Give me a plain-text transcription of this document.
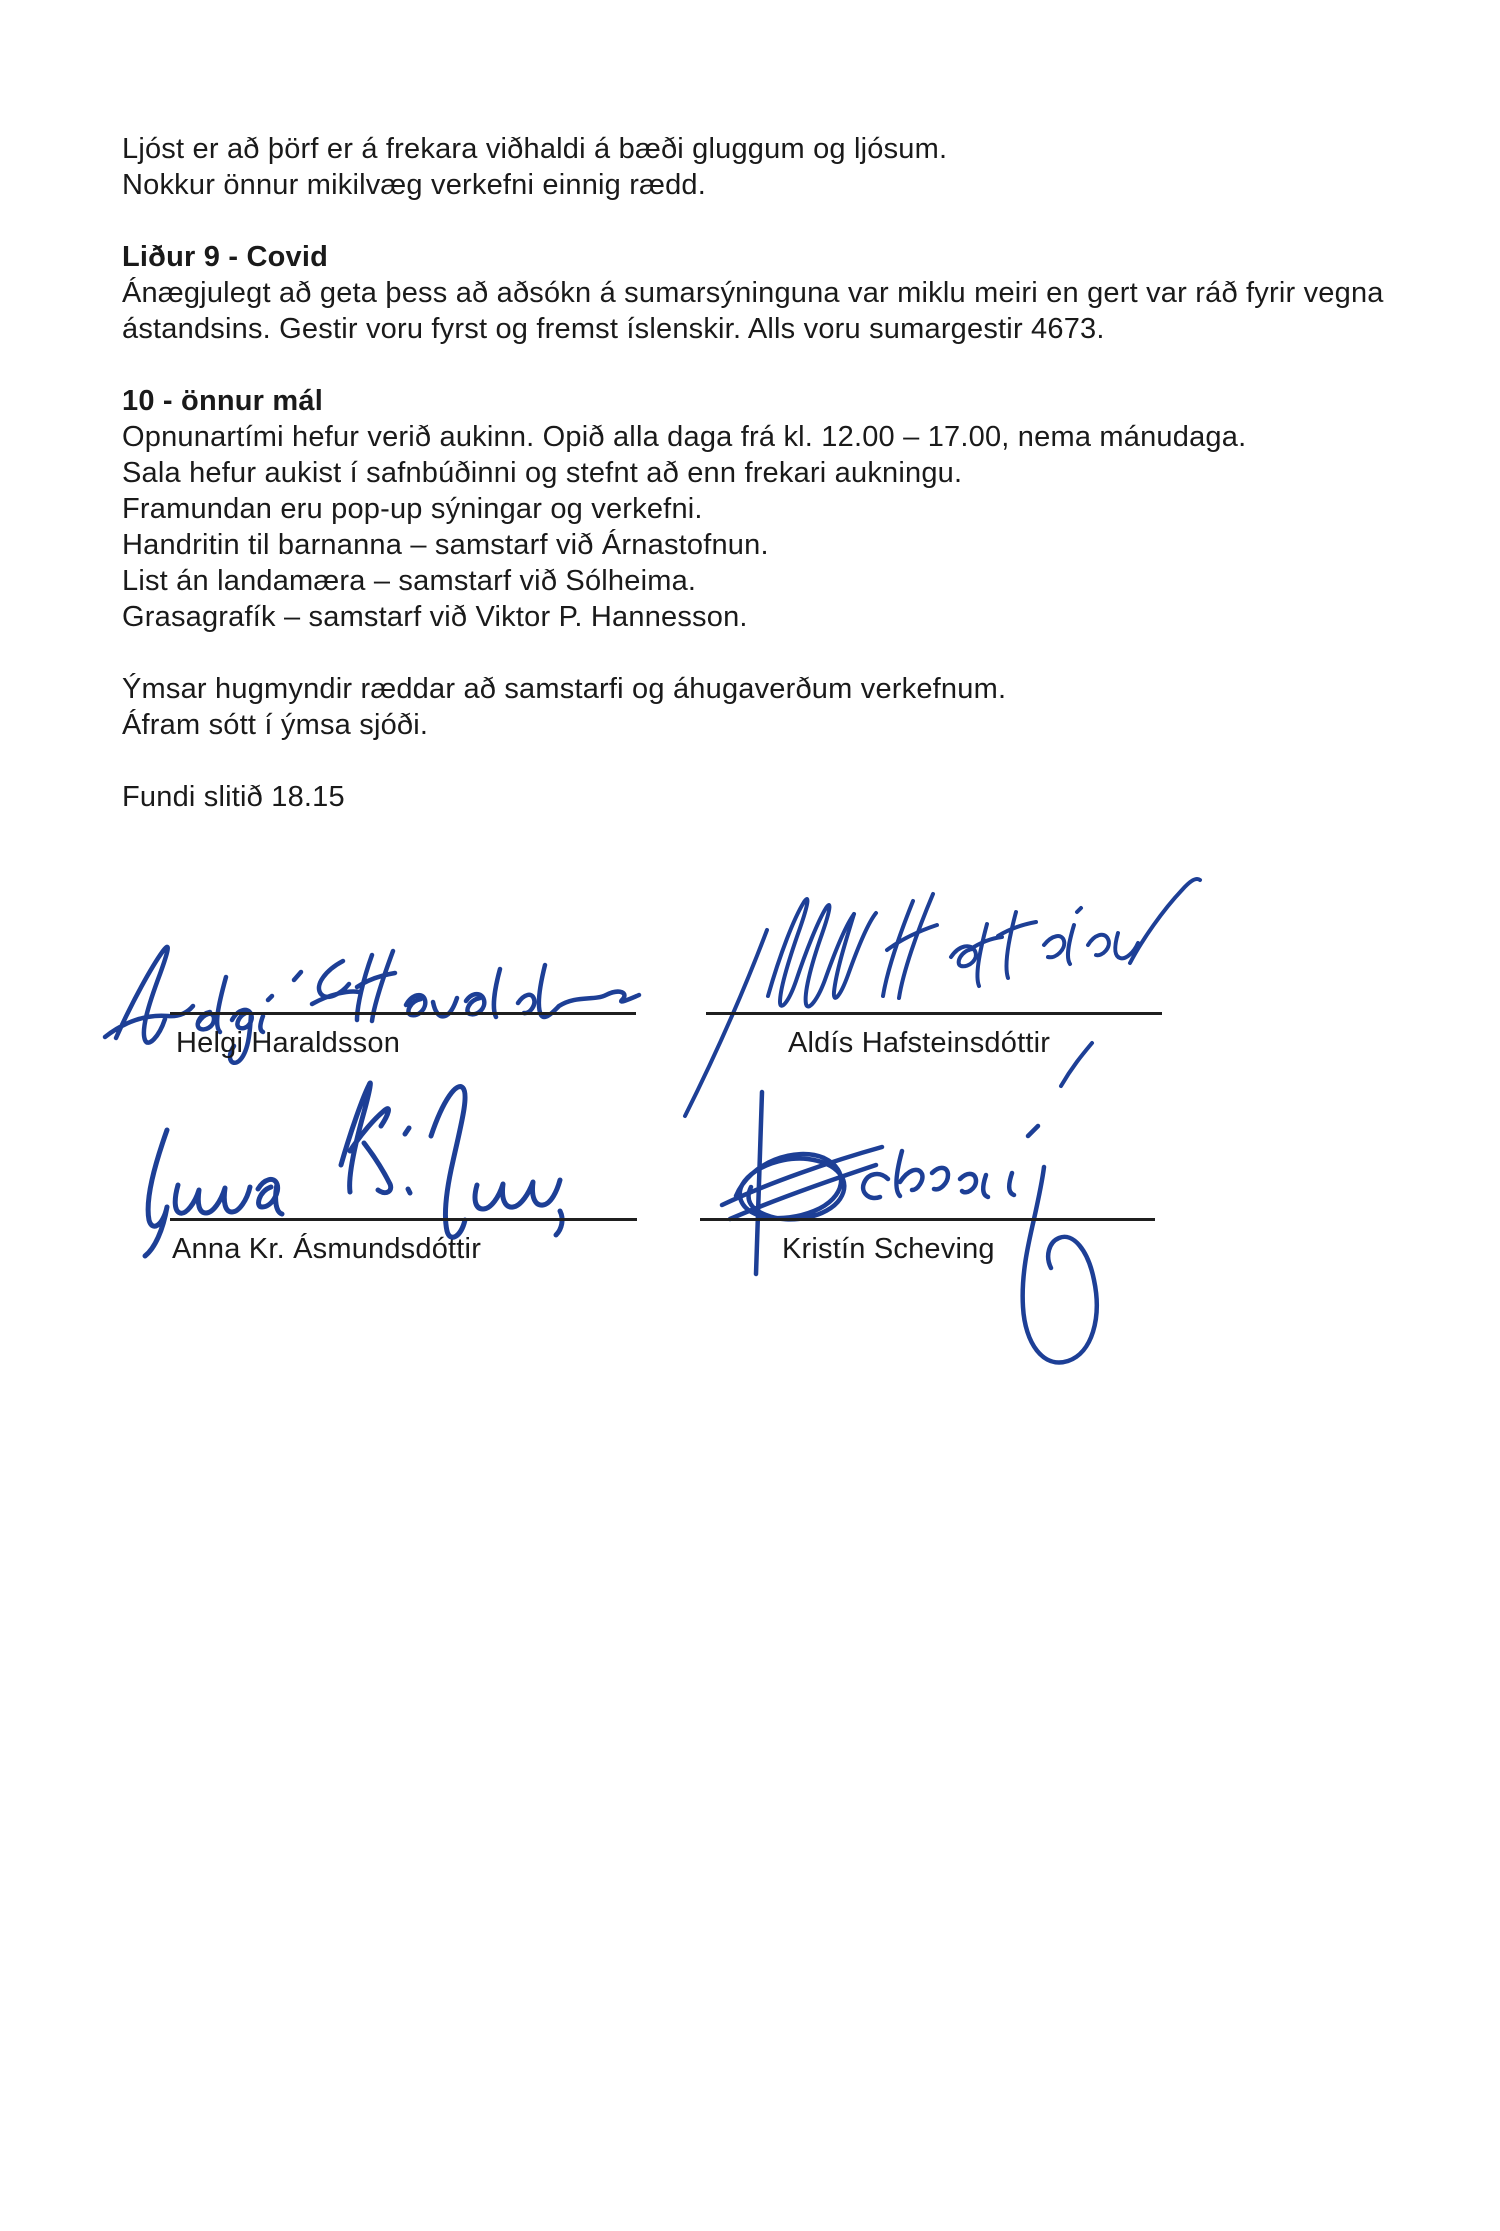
Ljóst er að þörf er á frekara viðhaldi á bæði gluggum og ljósum.

Nokkur önnur mikilvæg verkefni einnig rædd.

Liður 9 - Covid

Ánægjulegt að geta þess að aðsókn á sumarsýninguna var miklu meiri en gert var ráð fyrir vegna

ástandsins. Gestir voru fyrst og fremst íslenskir. Alls voru sumargestir 4673.

10 - önnur mál

Opnunartími hefur verið aukinn. Opið alla daga frá kl. 12.00 – 17.00, nema mánudaga.

Sala hefur aukist í safnbúðinni og stefnt að enn frekari aukningu.

Framundan eru pop-up sýningar og verkefni.

Handritin til barnanna – samstarf við Árnastofnun.

List án landamæra – samstarf við Sólheima.

Grasagrafík – samstarf við Viktor P. Hannesson.

Ýmsar hugmyndir ræddar að samstarfi og áhugaverðum verkefnum.

Áfram sótt í ýmsa sjóði.

Fundi slitið 18.15

Helgi Haraldsson	Aldís Hafsteinsdóttir
Anna Kr. Ásmundsdóttir	Kristín Scheving
